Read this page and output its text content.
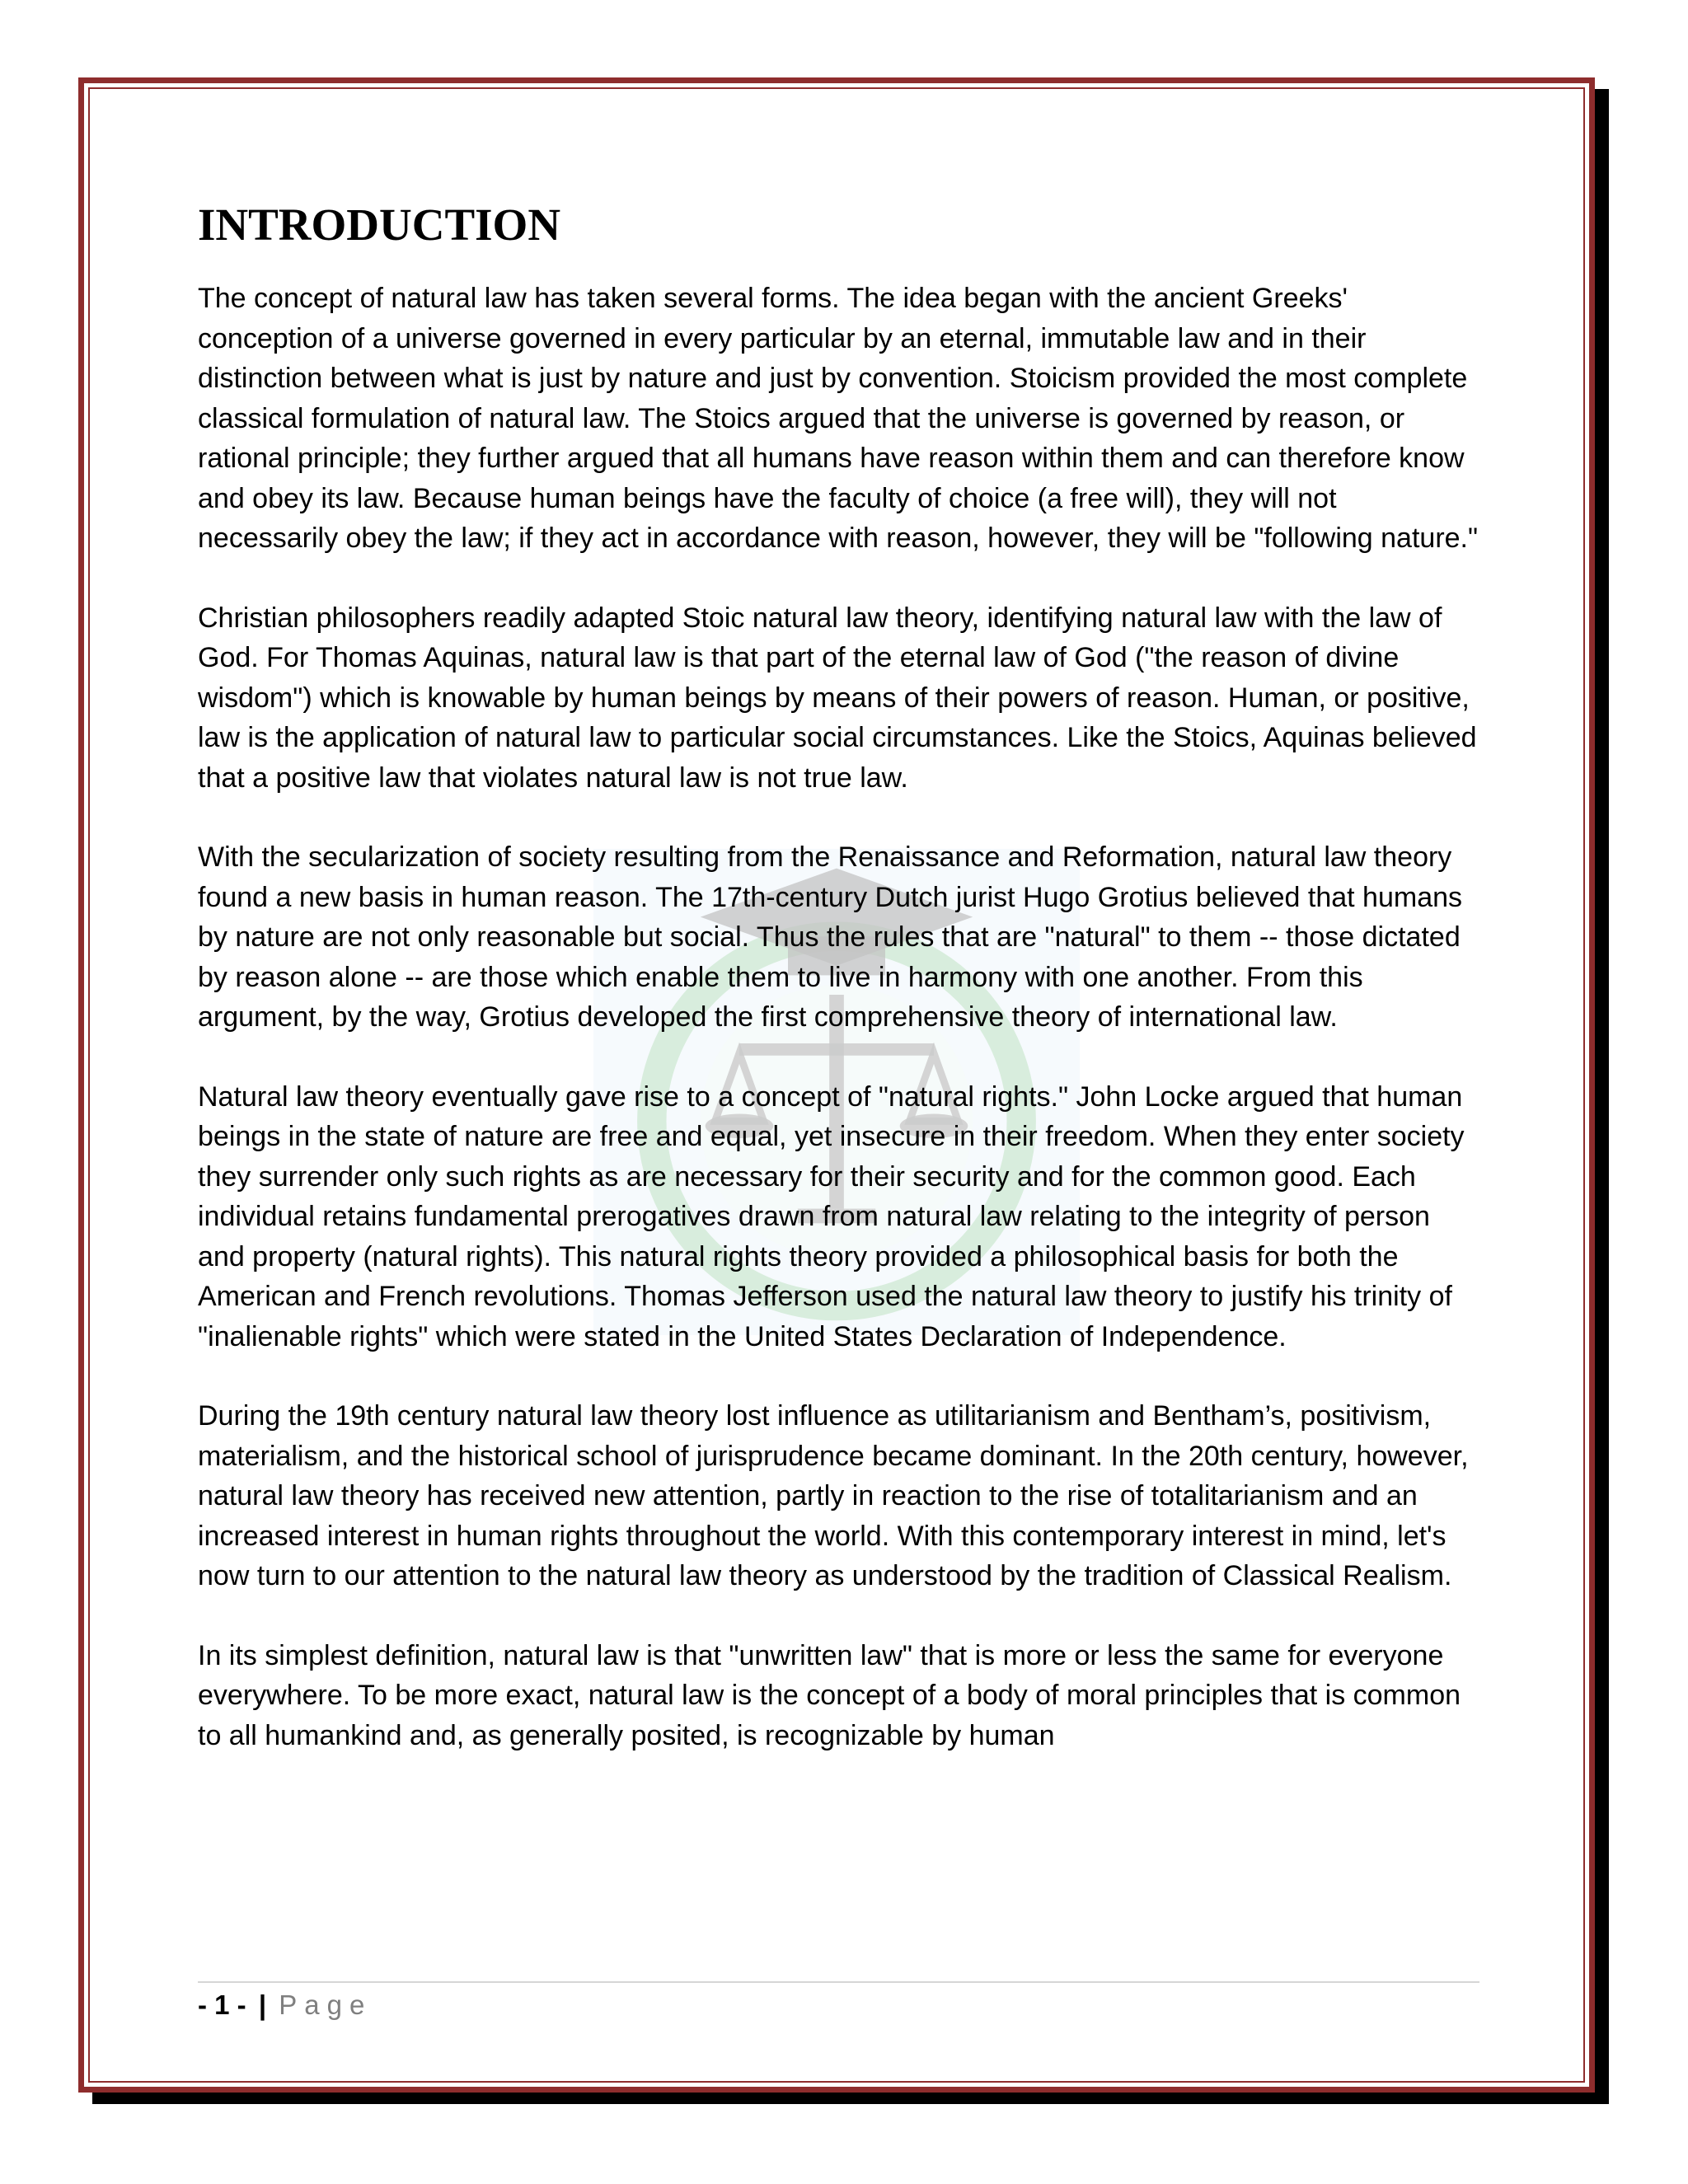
INTRODUCTION

The concept of natural law has taken several forms. The idea began with the ancient Greeks' conception of a universe governed in every particular by an eternal, immutable law and in their distinction between what is just by nature and just by convention. Stoicism provided the most complete classical formulation of natural law. The Stoics argued that the universe is governed by reason, or rational principle; they further argued that all humans have reason within them and can therefore know and obey its law. Because human beings have the faculty of choice (a free will), they will not necessarily obey the law; if they act in accordance with reason, however, they will be "following nature."

Christian philosophers readily adapted Stoic natural law theory, identifying natural law with the law of God. For Thomas Aquinas, natural law is that part of the eternal law of God ("the reason of divine wisdom") which is knowable by human beings by means of their powers of reason. Human, or positive, law is the application of natural law to particular social circumstances. Like the Stoics, Aquinas believed that a positive law that violates natural law is not true law.

With the secularization of society resulting from the Renaissance and Reformation, natural law theory found a new basis in human reason. The 17th-century Dutch jurist Hugo Grotius believed that humans by nature are not only reasonable but social. Thus the rules that are "natural" to them -- those dictated by reason alone -- are those which enable them to live in harmony with one another. From this argument, by the way, Grotius developed the first comprehensive theory of international law.

Natural law theory eventually gave rise to a concept of "natural rights." John Locke argued that human beings in the state of nature are free and equal, yet insecure in their freedom. When they enter society they surrender only such rights as are necessary for their security and for the common good. Each individual retains fundamental prerogatives drawn from natural law relating to the integrity of person and property (natural rights). This natural rights theory provided a philosophical basis for both the American and French revolutions. Thomas Jefferson used the natural law theory to justify his trinity of "inalienable rights" which were stated in the United States Declaration of Independence.

During the 19th century natural law theory lost influence as utilitarianism and Bentham’s, positivism, materialism, and the historical school of jurisprudence became dominant. In the 20th century, however, natural law theory has received new attention, partly in reaction to the rise of totalitarianism and an increased interest in human rights throughout the world. With this contemporary interest in mind, let's now turn to our attention to the natural law theory as understood by the tradition of Classical Realism.

In its simplest definition, natural law is that "unwritten law" that is more or less the same for everyone everywhere. To be more exact, natural law is the concept of a body of moral principles that is common to all humankind and, as generally posited, is recognizable by human

- 1 - | Page
